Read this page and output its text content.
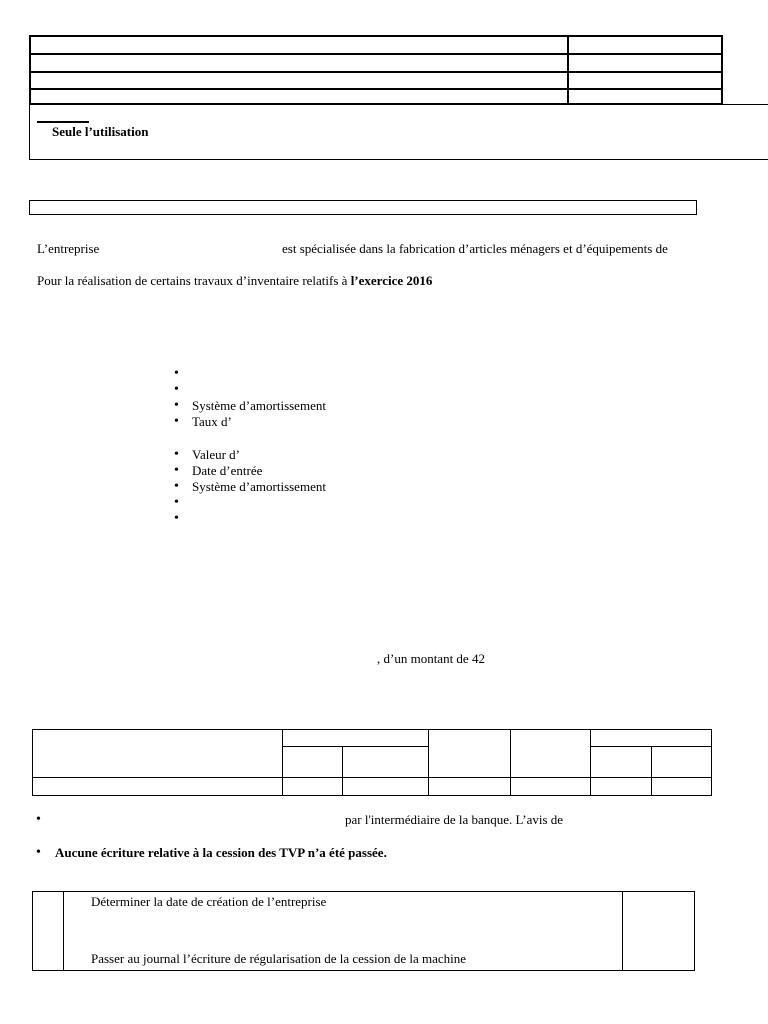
Seule l’utilisation
L’entreprise	est spécialisée dans la fabrication d’articles ménagers et d’équipements de
Pour la réalisation de certains travaux d’inventaire relatifs à l’exercice 2016
•
•
• Système d’amortissement
• Taux d’
• Valeur d’
• Date d’entrée
• Système d’amortissement
•
•
, d’un montant de 42
•	par l'intermédiaire de la banque. L’avis de
• Aucune écriture relative à la cession des TVP n’a été passée.
Déterminer la date de création de l’entreprise
Passer au journal l’écriture de régularisation de la cession de la machine
